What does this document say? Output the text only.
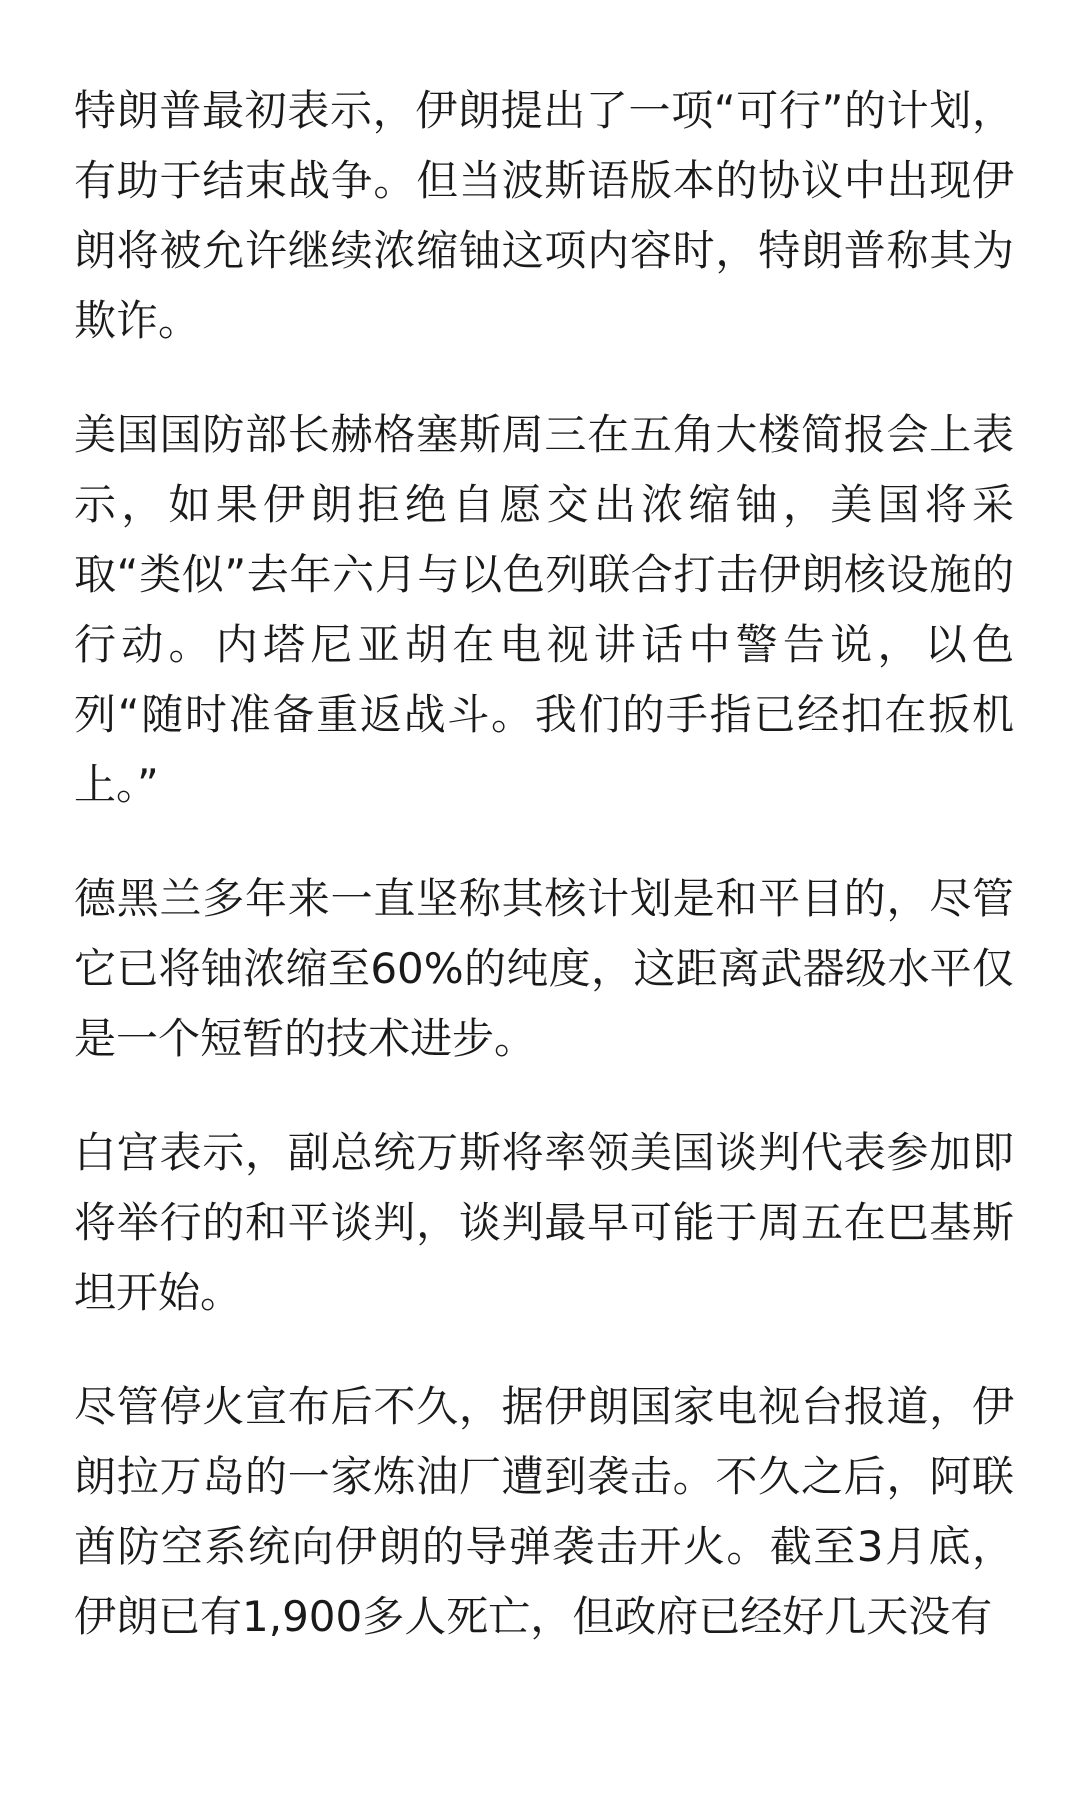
特朗普最初表示，伊朗提出了一项“可行”的计划，有助于结束战争。但当波斯语版本的协议中出现伊朗将被允许继续浓缩铀这项内容时，特朗普称其为欺诈。

美国国防部长赫格塞斯周三在五角大楼简报会上表示，如果伊朗拒绝自愿交出浓缩铀，美国将采取“类似”去年六月与以色列联合打击伊朗核设施的行动。内塔尼亚胡在电视讲话中警告说，以色列“随时准备重返战斗。我们的手指已经扣在扳机上。”

德黑兰多年来一直坚称其核计划是和平目的，尽管它已将铀浓缩至60%的纯度，这距离武器级水平仅是一个短暂的技术进步。

白宫表示，副总统万斯将率领美国谈判代表参加即将举行的和平谈判，谈判最早可能于周五在巴基斯坦开始。

尽管停火宣布后不久，据伊朗国家电视台报道，伊朗拉万岛的一家炼油厂遭到袭击。不久之后，阿联酋防空系统向伊朗的导弹袭击开火。截至3月底，伊朗已有1,900多人死亡，但政府已经好几天没有
